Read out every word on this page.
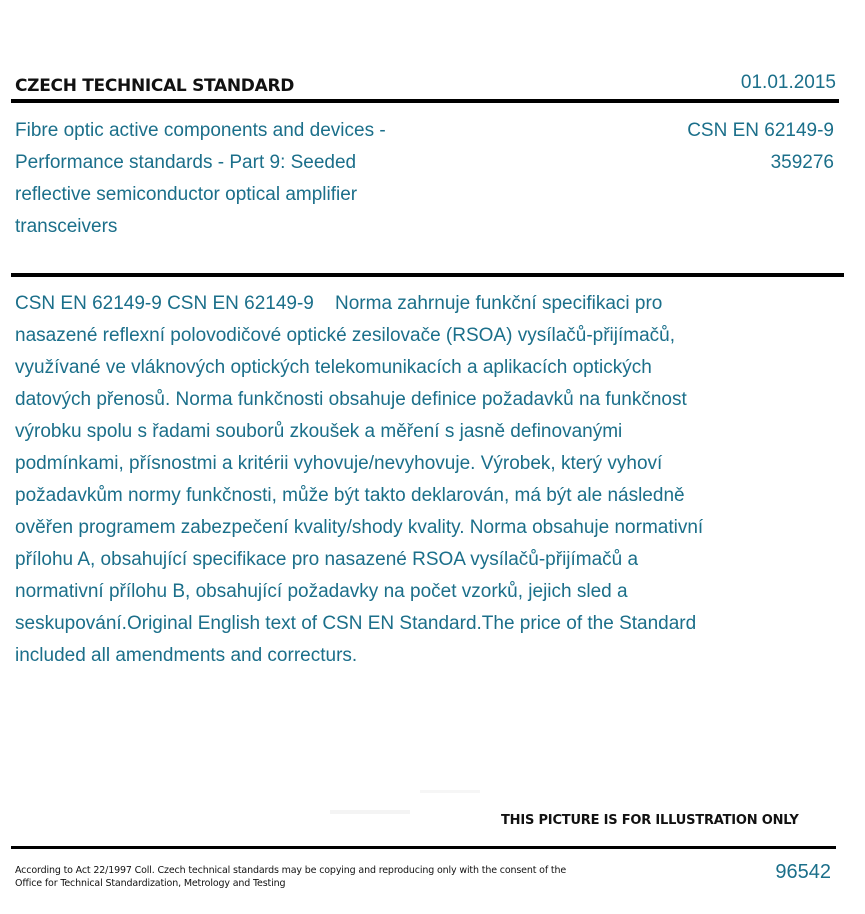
CZECH TECHNICAL STANDARD	01.01.2015
Fibre optic active components and devices - Performance standards - Part 9: Seeded reflective semiconductor optical amplifier transceivers
CSN EN 62149-9
359276
CSN EN 62149-9 CSN EN 62149-9    Norma zahrnuje funkční specifikaci pro nasazené reflexní polovodičové optické zesilovače (RSOA) vysílačů-přijímačů, využívané ve vláknových optických telekomunikacích a aplikacích optických datových přenosů. Norma funkčnosti obsahuje definice požadavků na funkčnost výrobku spolu s řadami souborů zkoušek a měření s jasně definovanými podmínkami, přísnostmi a kritérii vyhovuje/nevyhovuje. Výrobek, který vyhoví požadavkům normy funkčnosti, může být takto deklarován, má být ale následně ověřen programem zabezpečení kvality/shody kvality. Norma obsahuje normativní přílohu A, obsahující specifikace pro nasazené RSOA vysílačů-přijímačů a normativní přílohu B, obsahující požadavky na počet vzorků, jejich sled a seskupování.Original English text of CSN EN Standard.The price of the Standard included all amendments and correcturs.
THIS PICTURE IS FOR ILLUSTRATION ONLY
According to Act 22/1997 Coll. Czech technical standards may be copying and reproducing only with the consent of the Office for Technical Standardization, Metrology and Testing
96542
